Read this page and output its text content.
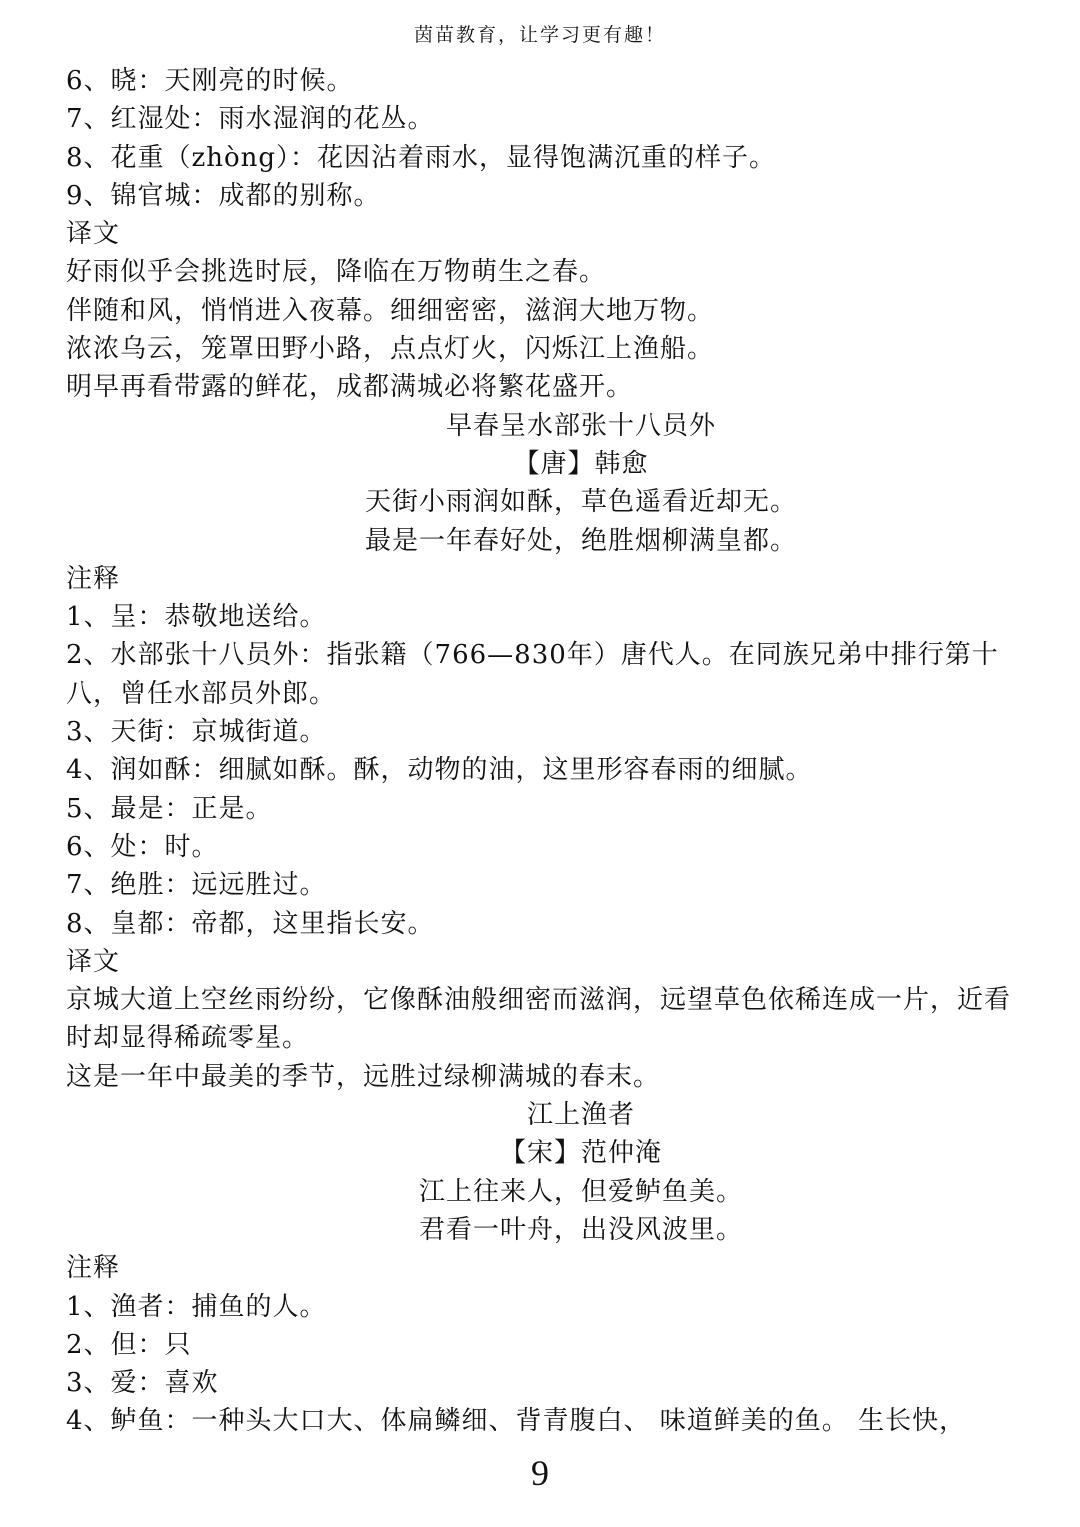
茵苗教育，让学习更有趣！
6、晓：天刚亮的时候。
7、红湿处：雨水湿润的花丛。
8、花重（zhòng）：花因沾着雨水，显得饱满沉重的样子。
9、锦官城：成都的别称。
译文
好雨似乎会挑选时辰，降临在万物萌生之春。
伴随和风，悄悄进入夜幕。细细密密，滋润大地万物。
浓浓乌云，笼罩田野小路，点点灯火，闪烁江上渔船。
明早再看带露的鲜花，成都满城必将繁花盛开。
早春呈水部张十八员外
【唐】韩愈
天街小雨润如酥，草色遥看近却无。
最是一年春好处，绝胜烟柳满皇都。
注释
1、呈：恭敬地送给。
2、水部张十八员外：指张籍（766—830年）唐代人。在同族兄弟中排行第十八，曾任水部员外郎。
3、天街：京城街道。
4、润如酥：细腻如酥。酥，动物的油，这里形容春雨的细腻。
5、最是：正是。
6、处：时。
7、绝胜：远远胜过。
8、皇都：帝都，这里指长安。
译文
京城大道上空丝雨纷纷，它像酥油般细密而滋润，远望草色依稀连成一片，近看时却显得稀疏零星。
这是一年中最美的季节，远胜过绿柳满城的春末。
江上渔者
【宋】范仲淹
江上往来人，但爱鲈鱼美。
君看一叶舟，出没风波里。
注释
1、渔者：捕鱼的人。
2、但：只
3、爱：喜欢
4、鲈鱼：一种头大口大、体扁鳞细、背青腹白、 味道鲜美的鱼。 生长快，
9
